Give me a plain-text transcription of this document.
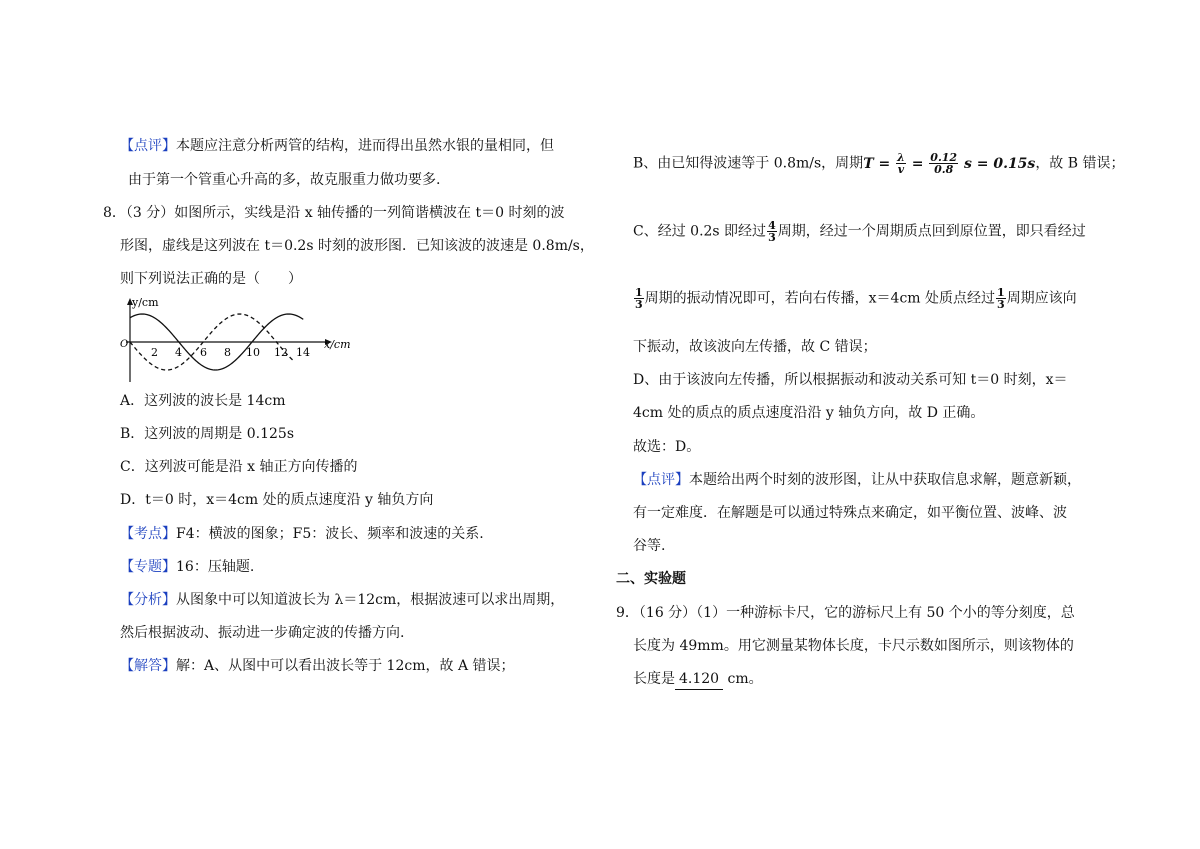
【点评】本题应注意分析两管的结构，进而得出虽然水银的量相同，但
由于第一个管重心升高的多，故克服重力做功要多.
8．（3 分）如图所示，实线是沿 x 轴传播的一列简谐横波在 t＝0 时刻的波
形图，虚线是这列波在 t＝0.2s 时刻的波形图．已知该波的波速是 0.8m/s，
则下列说法正确的是（　　）
y/cm
x/cm
O
2 4 6 8 10 12 14
A．这列波的波长是 14cm
B．这列波的周期是 0.125s
C．这列波可能是沿 x 轴正方向传播的
D．t＝0 时，x＝4cm 处的质点速度沿 y 轴负方向
【考点】F4：横波的图象；F5：波长、频率和波速的关系.
【专题】16：压轴题.
【分析】从图象中可以知道波长为 λ＝12cm，根据波速可以求出周期，
然后根据波动、振动进一步确定波的传播方向.
【解答】解：A、从图中可以看出波长等于 12cm，故 A 错误；
B、由已知得波速等于 0.8m/s，周期$T = \frac{\lambda}{v} = \frac{0.12}{0.8}$ s = 0.15s，故 B 错误；
C、经过 0.2s 即经过 $\frac{4}{3}$ 周期，经过一个周期质点回到原位置，即只看经过
$\frac{1}{3}$ 周期的振动情况即可，若向右传播，x＝4cm 处质点经过 $\frac{1}{3}$ 周期应该向
下振动，故该波向左传播，故 C 错误；
D、由于该波向左传播，所以根据振动和波动关系可知 t＝0 时刻，x＝
4cm 处的质点的质点速度沿沿 y 轴负方向，故 D 正确。
故选：D。
【点评】本题给出两个时刻的波形图，让从中获取信息求解，题意新颖，
有一定难度．在解题是可以通过特殊点来确定，如平衡位置、波峰、波
谷等.
二、实验题
9．（16 分）（1）一种游标卡尺，它的游标尺上有 50 个小的等分刻度，总
长度为 49mm。用它测量某物体长度，卡尺示数如图所示，则该物体的
长度是 4.120 cm。
